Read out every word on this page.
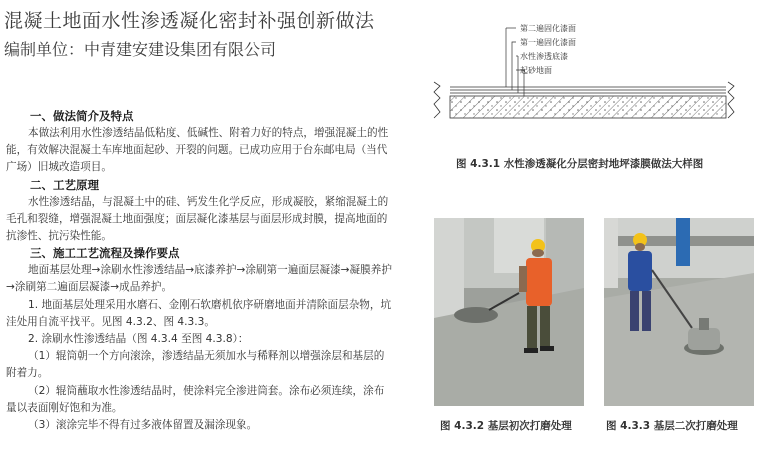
混凝土地面水性渗透凝化密封补强创新做法
编制单位：中青建安建设集团有限公司
一、做法简介及特点

本做法利用水性渗透结晶低粘度、低碱性、附着力好的特点，增强混凝土的性能，有效解决混凝土车库地面起砂、开裂的问题。已成功应用于台东邮电局（当代广场）旧城改造项目。

二、工艺原理

水性渗透结晶，与混凝土中的硅、钙发生化学反应，形成凝胶，紧缩混凝土的毛孔和裂缝，增强混凝土地面强度；面层凝化漆基层与面层形成封膜，提高地面的抗渗性、抗污染性能。

三、施工工艺流程及操作要点

地面基层处理→涂刷水性渗透结晶→底漆养护→涂刷第一遍面层凝漆→凝膜养护→涂刷第二遍面层凝漆→成品养护。

1. 地面基层处理采用水磨石、金刚石软磨机依序研磨地面并清除面层杂物，坑洼处用自流平找平。见图 4.3.2、图 4.3.3。

2. 涂刷水性渗透结晶（图 4.3.4 至图 4.3.8）：

（1）辊筒朝一个方向滚涂，渗透结晶无须加水与稀释剂以增强涂层和基层的附着力。

（2）辊筒蘸取水性渗透结晶时，使涂料完全渗进筒套。涂布必须连续，涂布量以表面刚好饱和为准。

（3）滚涂完毕不得有过多液体留置及漏涂现象。

第二遍固化漆面
第一遍固化漆面
水性渗透底漆
起砂地面
图 4.3.1 水性渗透凝化分层密封地坪漆膜做法大样图
图 4.3.2 基层初次打磨处理	图 4.3.3 基层二次打磨处理
